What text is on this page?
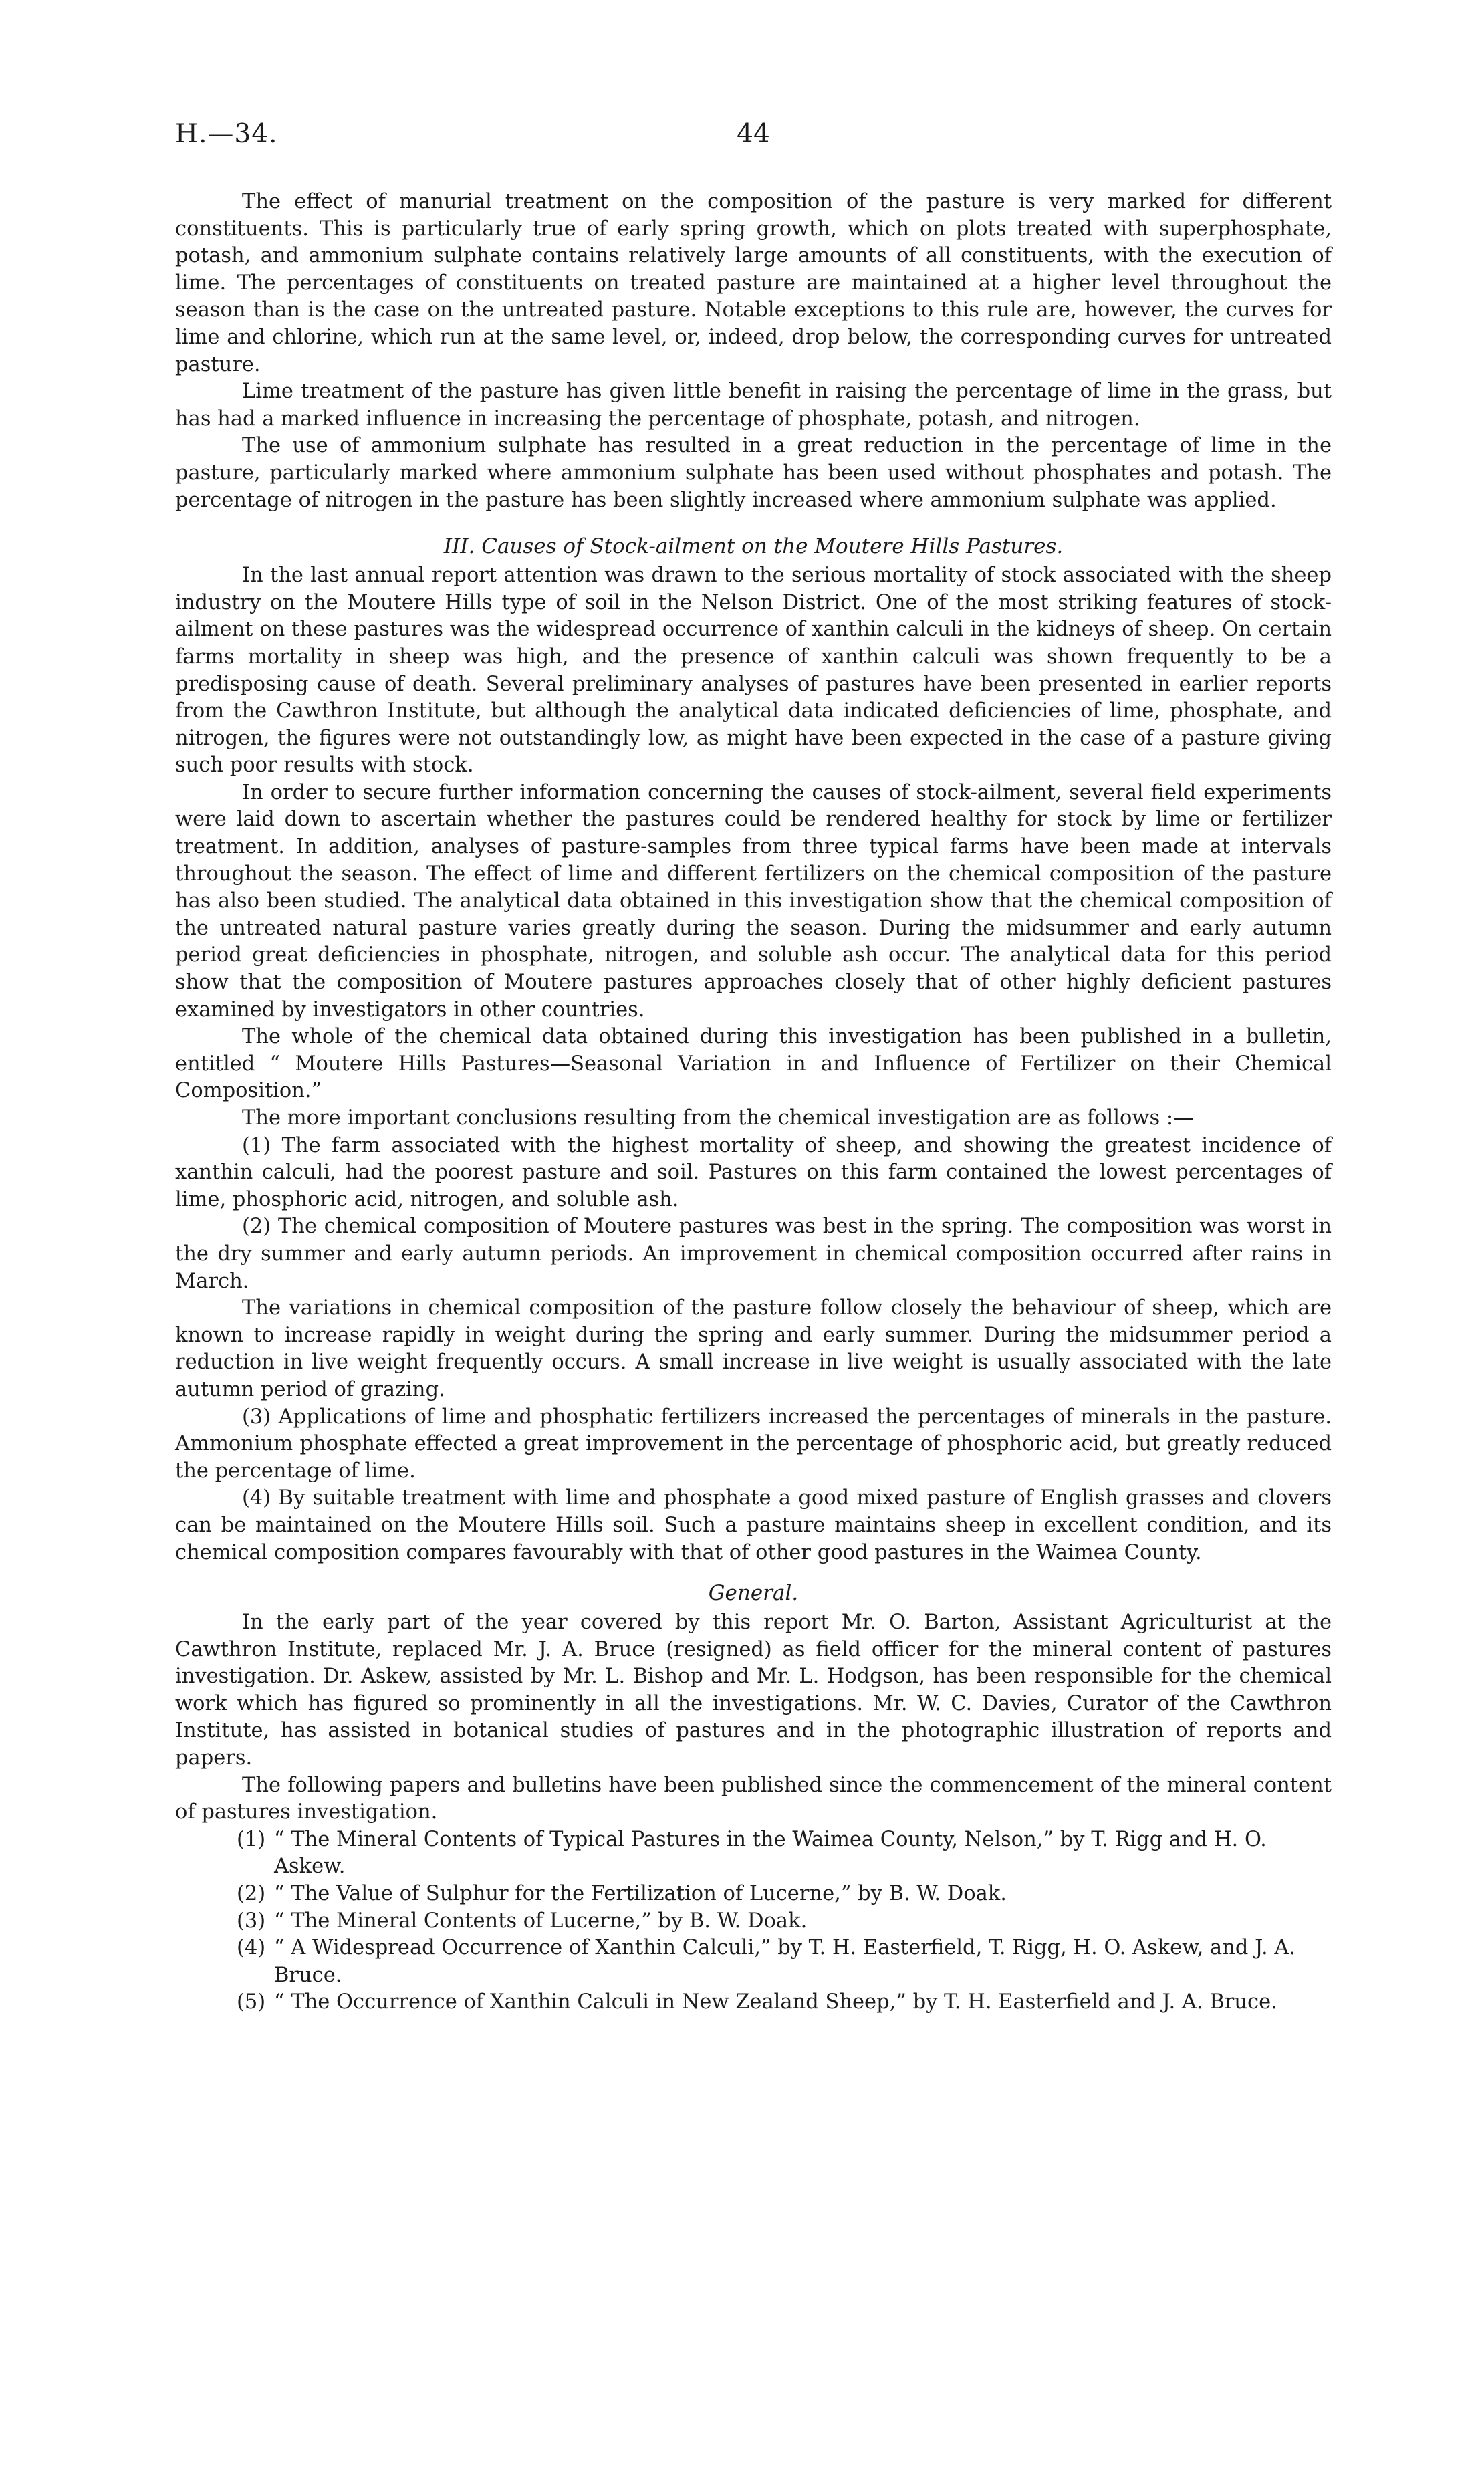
H.—34.	44

The effect of manurial treatment on the composition of the pasture is very marked for different constituents. This is particularly true of early spring growth, which on plots treated with superphosphate, potash, and ammonium sulphate contains relatively large amounts of all constituents, with the execution of lime. The percentages of constituents on treated pasture are maintained at a higher level throughout the season than is the case on the untreated pasture. Notable exceptions to this rule are, however, the curves for lime and chlorine, which run at the same level, or, indeed, drop below, the corresponding curves for untreated pasture.

Lime treatment of the pasture has given little benefit in raising the percentage of lime in the grass, but has had a marked influence in increasing the percentage of phosphate, potash, and nitrogen.

The use of ammonium sulphate has resulted in a great reduction in the percentage of lime in the pasture, particularly marked where ammonium sulphate has been used without phosphates and potash. The percentage of nitrogen in the pasture has been slightly increased where ammonium sulphate was applied.

III. Causes of Stock-ailment on the Moutere Hills Pastures.

In the last annual report attention was drawn to the serious mortality of stock associated with the sheep industry on the Moutere Hills type of soil in the Nelson District. One of the most striking features of stock-ailment on these pastures was the widespread occurrence of xanthin calculi in the kidneys of sheep. On certain farms mortality in sheep was high, and the presence of xanthin calculi was shown frequently to be a predisposing cause of death. Several preliminary analyses of pastures have been presented in earlier reports from the Cawthron Institute, but although the analytical data indicated deficiencies of lime, phosphate, and nitrogen, the figures were not outstandingly low, as might have been expected in the case of a pasture giving such poor results with stock.

In order to secure further information concerning the causes of stock-ailment, several field experiments were laid down to ascertain whether the pastures could be rendered healthy for stock by lime or fertilizer treatment. In addition, analyses of pasture-samples from three typical farms have been made at intervals throughout the season. The effect of lime and different fertilizers on the chemical composition of the pasture has also been studied. The analytical data obtained in this investigation show that the chemical composition of the untreated natural pasture varies greatly during the season. During the midsummer and early autumn period great deficiencies in phosphate, nitrogen, and soluble ash occur. The analytical data for this period show that the composition of Moutere pastures approaches closely that of other highly deficient pastures examined by investigators in other countries.

The whole of the chemical data obtained during this investigation has been published in a bulletin, entitled “ Moutere Hills Pastures—Seasonal Variation in and Influence of Fertilizer on their Chemical Composition.”

The more important conclusions resulting from the chemical investigation are as follows :—

(1) The farm associated with the highest mortality of sheep, and showing the greatest incidence of xanthin calculi, had the poorest pasture and soil. Pastures on this farm contained the lowest percentages of lime, phosphoric acid, nitrogen, and soluble ash.

(2) The chemical composition of Moutere pastures was best in the spring. The composition was worst in the dry summer and early autumn periods. An improvement in chemical composition occurred after rains in March.

The variations in chemical composition of the pasture follow closely the behaviour of sheep, which are known to increase rapidly in weight during the spring and early summer. During the midsummer period a reduction in live weight frequently occurs. A small increase in live weight is usually associated with the late autumn period of grazing.

(3) Applications of lime and phosphatic fertilizers increased the percentages of minerals in the pasture. Ammonium phosphate effected a great improvement in the percentage of phosphoric acid, but greatly reduced the percentage of lime.

(4) By suitable treatment with lime and phosphate a good mixed pasture of English grasses and clovers can be maintained on the Moutere Hills soil. Such a pasture maintains sheep in excellent condition, and its chemical composition compares favourably with that of other good pastures in the Waimea County.

General.

In the early part of the year covered by this report Mr. O. Barton, Assistant Agriculturist at the Cawthron Institute, replaced Mr. J. A. Bruce (resigned) as field officer for the mineral content of pastures investigation. Dr. Askew, assisted by Mr. L. Bishop and Mr. L. Hodgson, has been responsible for the chemical work which has figured so prominently in all the investigations. Mr. W. C. Davies, Curator of the Cawthron Institute, has assisted in botanical studies of pastures and in the photographic illustration of reports and papers.

The following papers and bulletins have been published since the commencement of the mineral content of pastures investigation.

(1) “ The Mineral Contents of Typical Pastures in the Waimea County, Nelson,” by T. Rigg and H. O. Askew.
(2) “ The Value of Sulphur for the Fertilization of Lucerne,” by B. W. Doak.
(3) “ The Mineral Contents of Lucerne,” by B. W. Doak.
(4) “ A Widespread Occurrence of Xanthin Calculi,” by T. H. Easterfield, T. Rigg, H. O. Askew, and J. A. Bruce.
(5) “ The Occurrence of Xanthin Calculi in New Zealand Sheep,” by T. H. Easterfield and J. A. Bruce.
